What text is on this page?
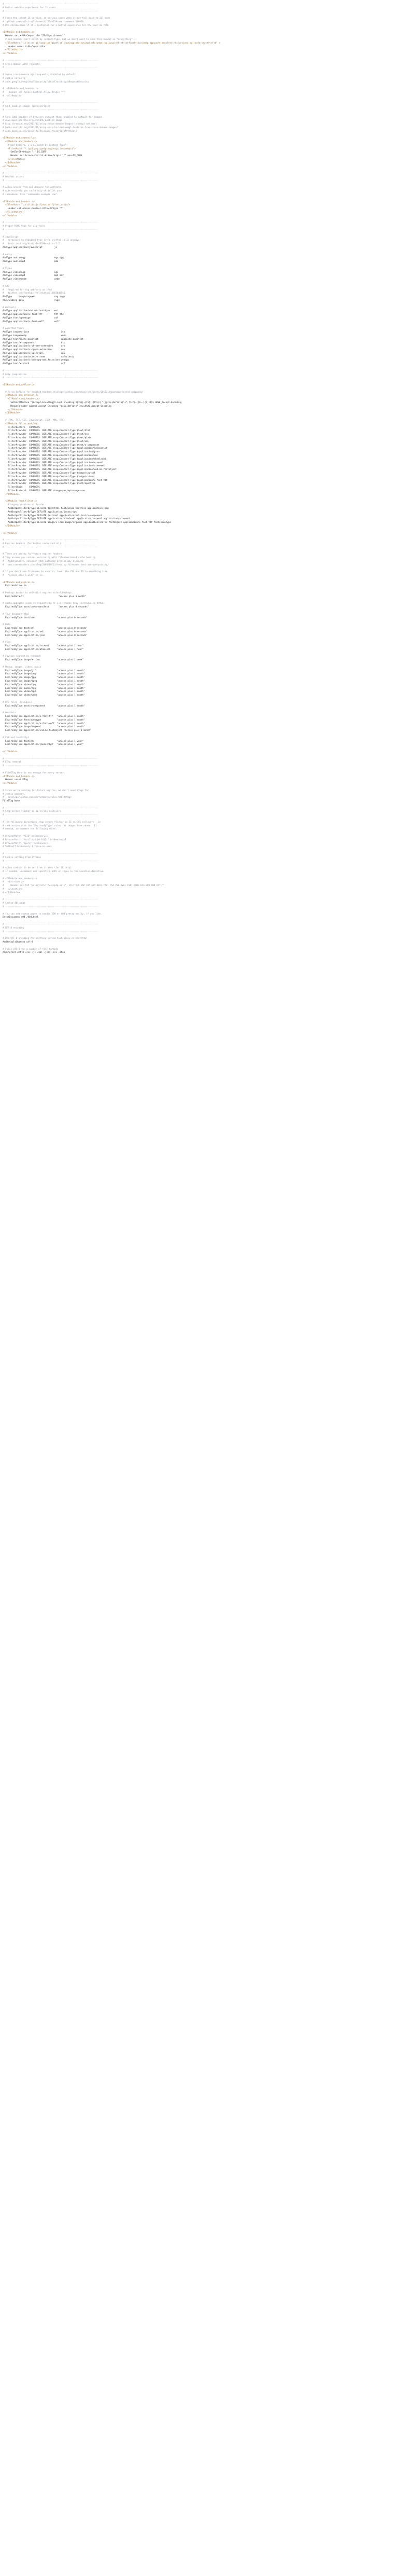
# ----------------------------------------------------------------------
# Better website experience for IE users
# ----------------------------------------------------------------------

# Force the latest IE version, in various cases when it may fall back to IE7 mode
#  github.com/rails/rails/commit/123eb25#commitcomment-118920
# Use ChromeFrame if it's installed for a better experience for the poor IE folk

<IfModule mod_headers.c>
Header set X-UA-Compatible "IE=Edge,chrome=1"
# mod_headers can't match by content-type, but we don't want to send this header on *everything*...
<FilesMatch "\.(js|css|gif|png|jpe?g|pdf|xml|oga|ogg|m4a|ogv|mp4|m4v|webm|svg|svgz|eot|ttf|otf|woff|ico|webp|appcache|manifest|htc|crx|oex|xpi|safariextz|vcf)$" >
Header unset X-UA-Compatible
</FilesMatch>
</IfModule>

# ----------------------------------------------------------------------
# Cross-domain AJAX requests
# ----------------------------------------------------------------------

# Serve cross-domain Ajax requests, disabled by default.
# enable-cors.org
# code.google.com/p/html5security/wiki/CrossOriginRequestSecurity

#  <IfModule mod_headers.c>
#    Header set Access-Control-Allow-Origin "*"
#  </IfModule>

# ----------------------------------------------------------------------
# CORS-enabled images (@crossorigin)
# ----------------------------------------------------------------------

# Send CORS headers if browsers request them; enabled by default for images.
# developer.mozilla.org/en/CORS_Enabled_Image
# blog.chromium.org/2011/07/using-cross-domain-images-in-webgl-and.html
# hacks.mozilla.org/2011/11/using-cors-to-load-webgl-textures-from-cross-domain-images/
# wiki.mozilla.org/Security/Reviews/crossoriginAttribute

<IfModule mod_setenvif.c>
<IfModule mod_headers.c>
# mod_headers, y u no match by Content-Type?!
<FilesMatch "\.(gif|png|jpe?g|svg|svgz|ico|webp)$">
SetEnvIf Origin ":" IS_CORS
Header set Access-Control-Allow-Origin "*" env=IS_CORS
</FilesMatch>
</IfModule>
</IfModule>

# ----------------------------------------------------------------------
# Webfont access
# ----------------------------------------------------------------------

# Allow access from all domains for webfonts.
# Alternatively you could only whitelist your
# subdomains like "subdomain.example.com".

<IfModule mod_headers.c>
<FilesMatch "\.(ttf|ttc|otf|eot|woff|font.css)$">
Header set Access-Control-Allow-Origin "*"
</FilesMatch>
</IfModule>

# ----------------------------------------------------------------------
# Proper MIME type for all files
# ----------------------------------------------------------------------

# JavaScript
#   Normalize to standard type (it's sniffed in IE anyways)
#   tools.ietf.org/html/rfc4329#section-7.2
AddType application/javascript         js

# Audio
AddType audio/ogg                      oga ogg
AddType audio/mp4                      m4a

# Video
AddType video/ogg                      ogv
AddType video/mp4                      mp4 m4v
AddType video/webm                     webm

# SVG
#   Required for svg webfonts on iPad
#   twitter.com/FontSquirrel/status/14855840545
AddType     image/svg+xml              svg svgz
AddEncoding gzip                       svgz

# Webfonts
AddType application/vnd.ms-fontobject  eot
AddType application/x-font-ttf         ttf ttc
AddType font/opentype                  otf
AddType application/x-font-woff        woff

# Assorted types
AddType image/x-icon                        ico
AddType image/webp                          webp
AddType text/cache-manifest                 appcache manifest
AddType text/x-component                    htc
AddType application/x-chrome-extension      crx
AddType application/x-opera-extension       oex
AddType application/x-xpinstall             xpi
AddType application/octet-stream            safariextz
AddType application/x-web-app-manifest+json webapp
AddType text/x-vcard                        vcf

# ----------------------------------------------------------------------
# Gzip compression
# ----------------------------------------------------------------------

<IfModule mod_deflate.c>

# Force deflate for mangled headers developer.yahoo.com/blogs/ydn/posts/2010/12/pushing-beyond-gzipping/
<IfModule mod_setenvif.c>
<IfModule mod_headers.c>
SetEnvIfNoCase ^(Accept-EncodXng|X-cept-Encoding|X{15}|~{15}|-{15})$ ^((gzip|deflate)\s*,?\s*)+|[X~-]{4,13}$ HAVE_Accept-Encoding
RequestHeader append Accept-Encoding "gzip,deflate" env=HAVE_Accept-Encoding
</IfModule>
</IfModule>

# HTML, TXT, CSS, JavaScript, JSON, XML, HTC:
<IfModule filter_module>
FilterDeclare   COMPRESS
FilterProvider  COMPRESS  DEFLATE resp=Content-Type $text/html
FilterProvider  COMPRESS  DEFLATE resp=Content-Type $text/css
FilterProvider  COMPRESS  DEFLATE resp=Content-Type $text/plain
FilterProvider  COMPRESS  DEFLATE resp=Content-Type $text/xml
FilterProvider  COMPRESS  DEFLATE resp=Content-Type $text/x-component
FilterProvider  COMPRESS  DEFLATE resp=Content-Type $application/javascript
FilterProvider  COMPRESS  DEFLATE resp=Content-Type $application/json
FilterProvider  COMPRESS  DEFLATE resp=Content-Type $application/xml
FilterProvider  COMPRESS  DEFLATE resp=Content-Type $application/xhtml+xml
FilterProvider  COMPRESS  DEFLATE resp=Content-Type $application/rss+xml
FilterProvider  COMPRESS  DEFLATE resp=Content-Type $application/atom+xml
FilterProvider  COMPRESS  DEFLATE resp=Content-Type $application/vnd.ms-fontobject
FilterProvider  COMPRESS  DEFLATE resp=Content-Type $image/svg+xml
FilterProvider  COMPRESS  DEFLATE resp=Content-Type $image/x-icon
FilterProvider  COMPRESS  DEFLATE resp=Content-Type $application/x-font-ttf
FilterProvider  COMPRESS  DEFLATE resp=Content-Type $font/opentype
FilterChain     COMPRESS
FilterProtocol  COMPRESS  DEFLATE change=yes;byteranges=no
</IfModule>

<IfModule !mod_filter.c>
# Legacy versions of Apache
AddOutputFilterByType DEFLATE text/html text/plain text/css application/json
AddOutputFilterByType DEFLATE application/javascript
AddOutputFilterByType DEFLATE text/xml application/xml text/x-component
AddOutputFilterByType DEFLATE application/xhtml+xml application/rss+xml application/atom+xml
AddOutputFilterByType DEFLATE image/x-icon image/svg+xml application/vnd.ms-fontobject application/x-font-ttf font/opentype
</IfModule>

</IfModule>

# ----------------------------------------------------------------------
# Expires headers (for better cache control)
# ----------------------------------------------------------------------

# These are pretty far-future expires headers.
# They assume you control versioning with filename-based cache busting
#   Additionally, consider that outdated proxies may miscache
#   www.stevesouders.com/blog/2008/08/23/revving-filenames-dont-use-querystring/

# If you don't use filenames to version, lower the CSS and JS to something like
#   "access plus 1 week" or so.

<IfModule mod_expires.c>
ExpiresActive on

# Perhaps better to whitelist expires rules? Perhaps.
ExpiresDefault                          "access plus 1 month"

# cache.appcache needs re-requests in FF 3.6 (thanks Remy ~Introducing HTML5)
ExpiresByType text/cache-manifest       "access plus 0 seconds"

# Your document html
ExpiresByType text/html                "access plus 0 seconds"

# Data
ExpiresByType text/xml                 "access plus 0 seconds"
ExpiresByType application/xml          "access plus 0 seconds"
ExpiresByType application/json         "access plus 0 seconds"

# Feed
ExpiresByType application/rss+xml      "access plus 1 hour"
ExpiresByType application/atom+xml     "access plus 1 hour"

# Favicon (cannot be renamed)
ExpiresByType image/x-icon             "access plus 1 week"

# Media: images, video, audio
ExpiresByType image/gif                "access plus 1 month"
ExpiresByType image/png                "access plus 1 month"
ExpiresByType image/jpg                "access plus 1 month"
ExpiresByType image/jpeg               "access plus 1 month"
ExpiresByType video/ogg                "access plus 1 month"
ExpiresByType audio/ogg                "access plus 1 month"
ExpiresByType video/mp4                "access plus 1 month"
ExpiresByType video/webm               "access plus 1 month"

# HTC files  (css3pie)
ExpiresByType text/x-component         "access plus 1 month"

# Webfonts
ExpiresByType application/x-font-ttf   "access plus 1 month"
ExpiresByType font/opentype            "access plus 1 month"
ExpiresByType application/x-font-woff  "access plus 1 month"
ExpiresByType image/svg+xml            "access plus 1 month"
ExpiresByType application/vnd.ms-fontobject "access plus 1 month"

# CSS and JavaScript
ExpiresByType text/css                 "access plus 1 year"
ExpiresByType application/javascript   "access plus 1 year"

</IfModule>

# ----------------------------------------------------------------------
# ETag removal
# ----------------------------------------------------------------------

# FileETag None is not enough for every server.
<IfModule mod_headers.c>
Header unset ETag
</IfModule>

# Since we're sending far-future expires, we don't need ETags for
# static content.
#   developer.yahoo.com/performance/rules.html#etags
FileETag None

# ----------------------------------------------------------------------
# Stop screen flicker in IE on CSS rollovers
# ----------------------------------------------------------------------

# The following directives stop screen flicker in IE on CSS rollovers - in
# combination with the "ExpiresByType" rules for images (see above). If
# needed, un-comment the following rules.

# BrowserMatch "MSIE" brokenvary=1
# BrowserMatch "Mozilla/4.[0-9]{2}" brokenvary=1
# BrowserMatch "Opera" !brokenvary
# SetEnvIf brokenvary 1 force-no-vary

# ----------------------------------------------------------------------
# Cookie setting from iframes
# ----------------------------------------------------------------------

# Allow cookies to be set from iframes (for IE only)
# If needed, uncomment and specify a path or regex in the Location directive

# <IfModule mod_headers.c>
#   <Location />
#     Header set P3P "policyref=\"/w3c/p3p.xml\", CP=\"IDC DSP COR ADM DEVi TAIi PSA PSD IVAi IVDi CONi HIS OUR IND CNT\""
#   </Location>
# </IfModule>

# ----------------------------------------------------------------------
# Custom 404 page
# ----------------------------------------------------------------------

# You can add custom pages to handle 500 or 403 pretty easily, if you like.
ErrorDocument 404 /404.html

# ----------------------------------------------------------------------
# UTF-8 encoding
# ----------------------------------------------------------------------

# Use UTF-8 encoding for anything served text/plain or text/html
AddDefaultCharset utf-8

# Force UTF-8 for a number of file formats
AddCharset utf-8 .css .js .xml .json .rss .atom
